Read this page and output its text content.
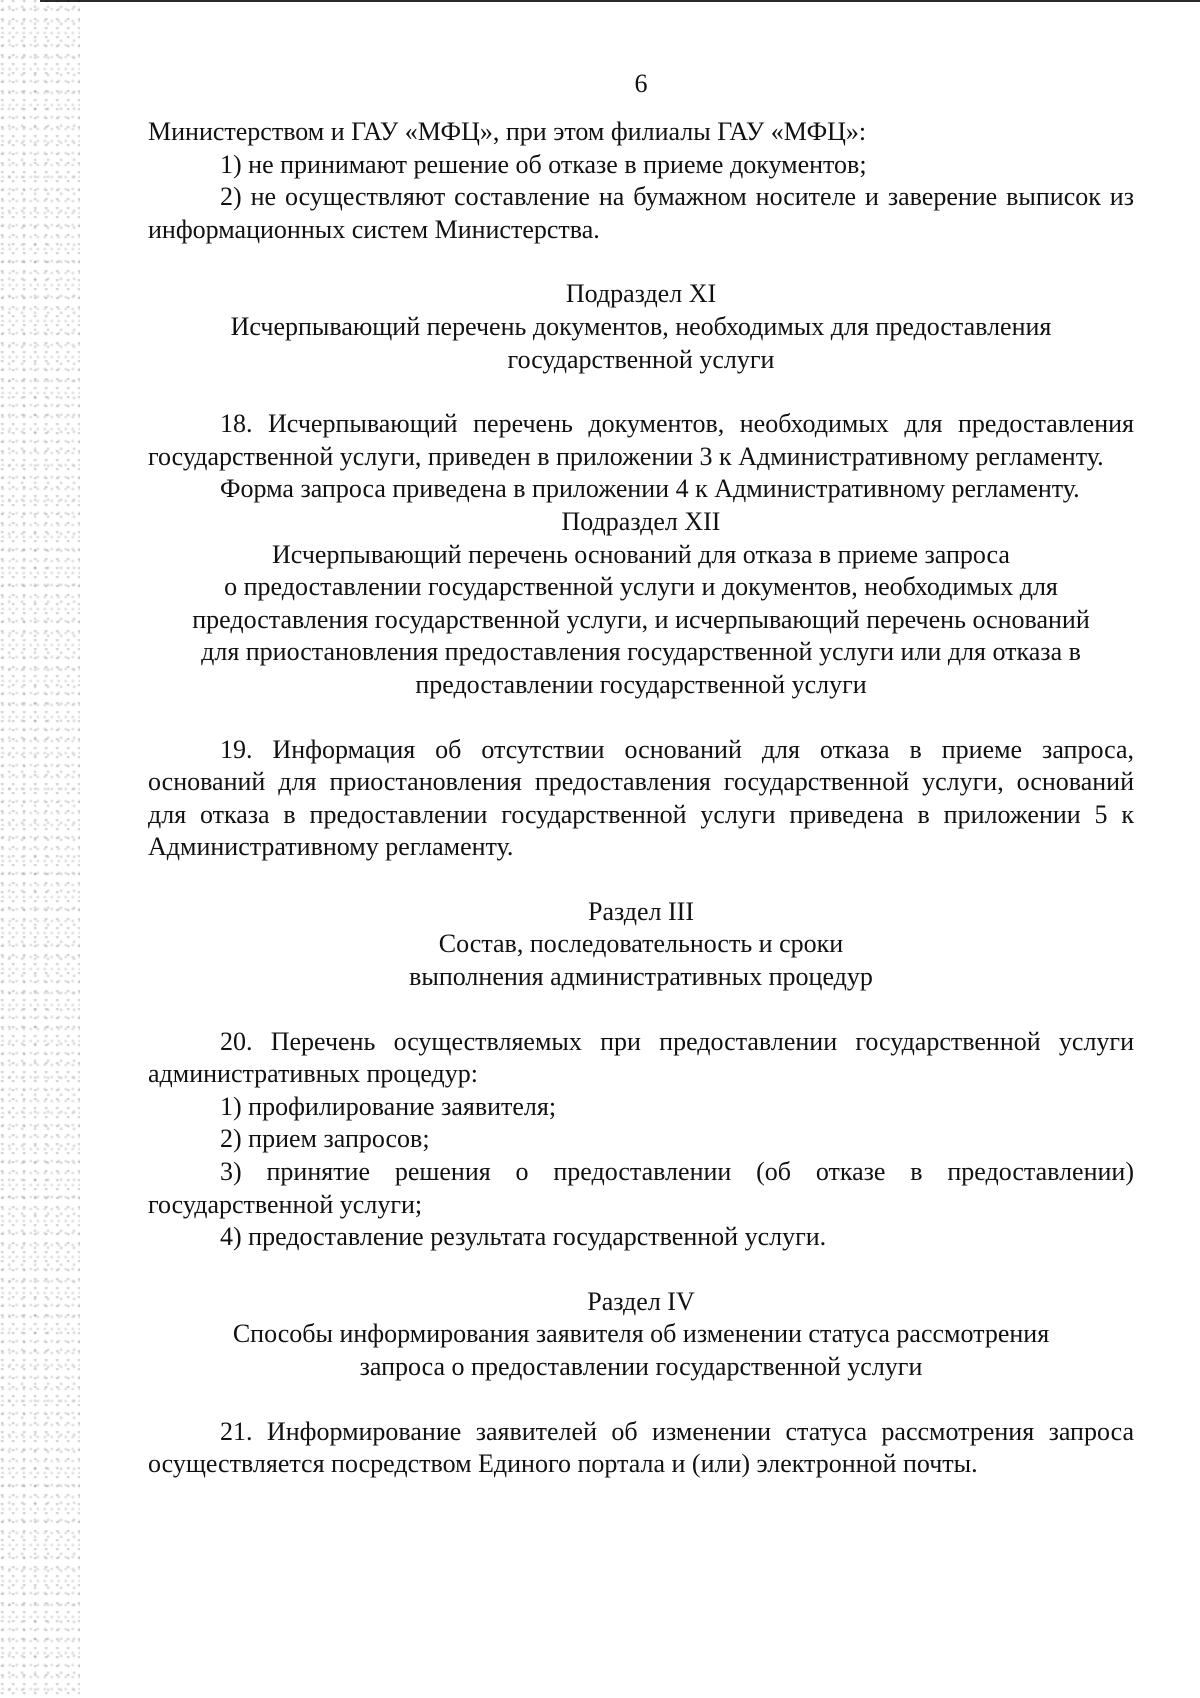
6

Министерством и ГАУ «МФЦ», при этом филиалы ГАУ «МФЦ»:

1) не принимают решение об отказе в приеме документов;

2) не осуществляют составление на бумажном носителе и заверение выписок из информационных систем Министерства.

Подраздел XI

Исчерпывающий перечень документов, необходимых для предоставления

государственной услуги

18. Исчерпывающий перечень документов, необходимых для предоставления государственной услуги, приведен в приложении 3 к Административному регламенту.

Форма запроса приведена в приложении 4 к Административному регламенту.

Подраздел XII

Исчерпывающий перечень оснований для отказа в приеме запроса

о предоставлении государственной услуги и документов, необходимых для

предоставления государственной услуги, и исчерпывающий перечень оснований

для приостановления предоставления государственной услуги или для отказа в

предоставлении государственной услуги

19. Информация об отсутствии оснований для отказа в приеме запроса, оснований для приостановления предоставления государственной услуги, оснований для отказа в предоставлении государственной услуги приведена в приложении 5 к Административному регламенту.

Раздел III

Состав, последовательность и сроки

выполнения административных процедур

20. Перечень осуществляемых при предоставлении государственной услуги административных процедур:

1) профилирование заявителя;

2) прием запросов;

3) принятие решения о предоставлении (об отказе в предоставлении) государственной услуги;

4) предоставление результата государственной услуги.

Раздел IV

Способы информирования заявителя об изменении статуса рассмотрения

запроса о предоставлении государственной услуги

21. Информирование заявителей об изменении статуса рассмотрения запроса осуществляется посредством Единого портала и (или) электронной почты.
